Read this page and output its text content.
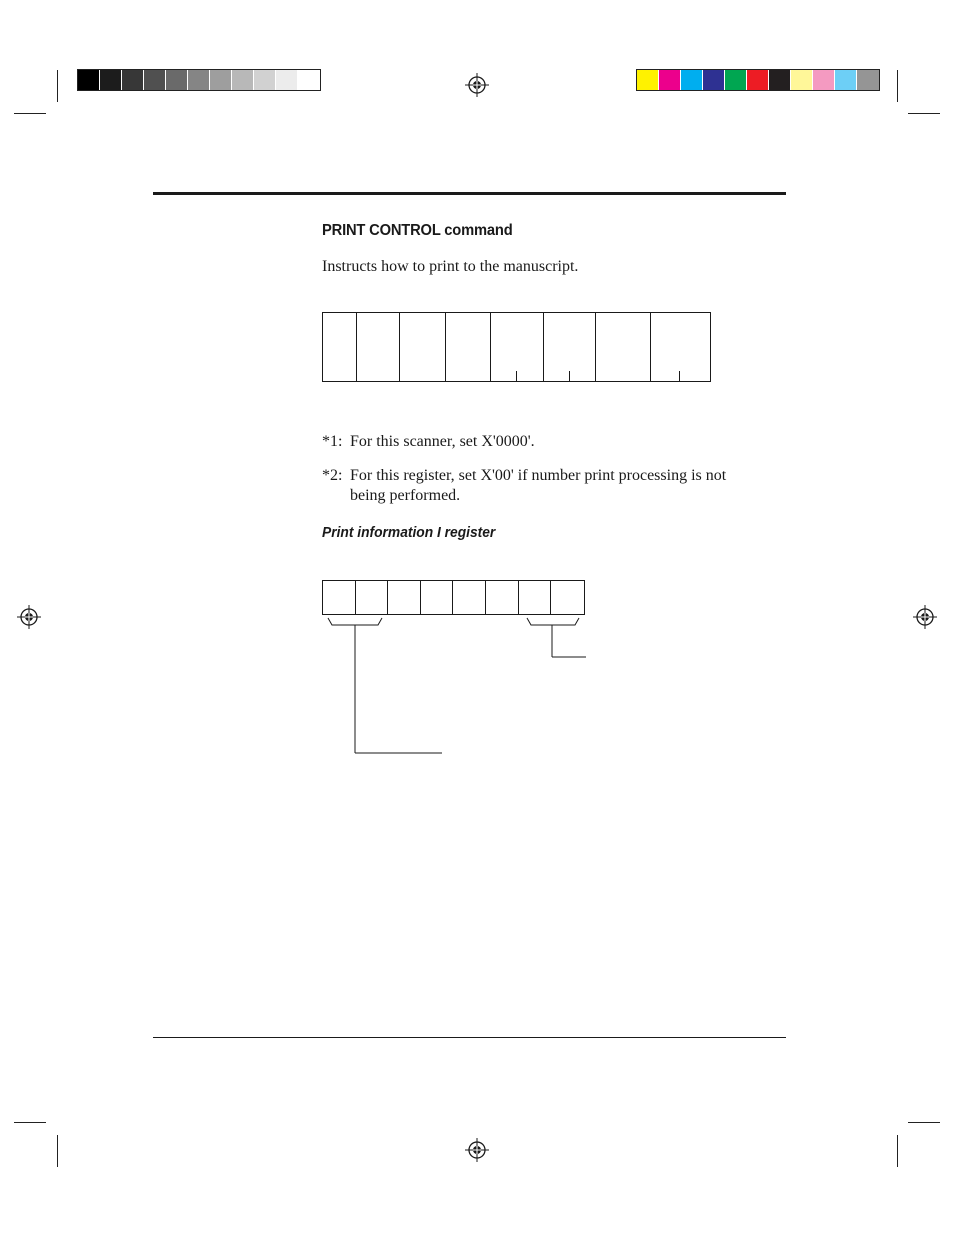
PRINT CONTROL command

Instructs how to print to the manuscript.

*1: For this scanner, set X'0000'.

*2: For this register, set X'00' if number print processing is not
being performed.

Print information I register
